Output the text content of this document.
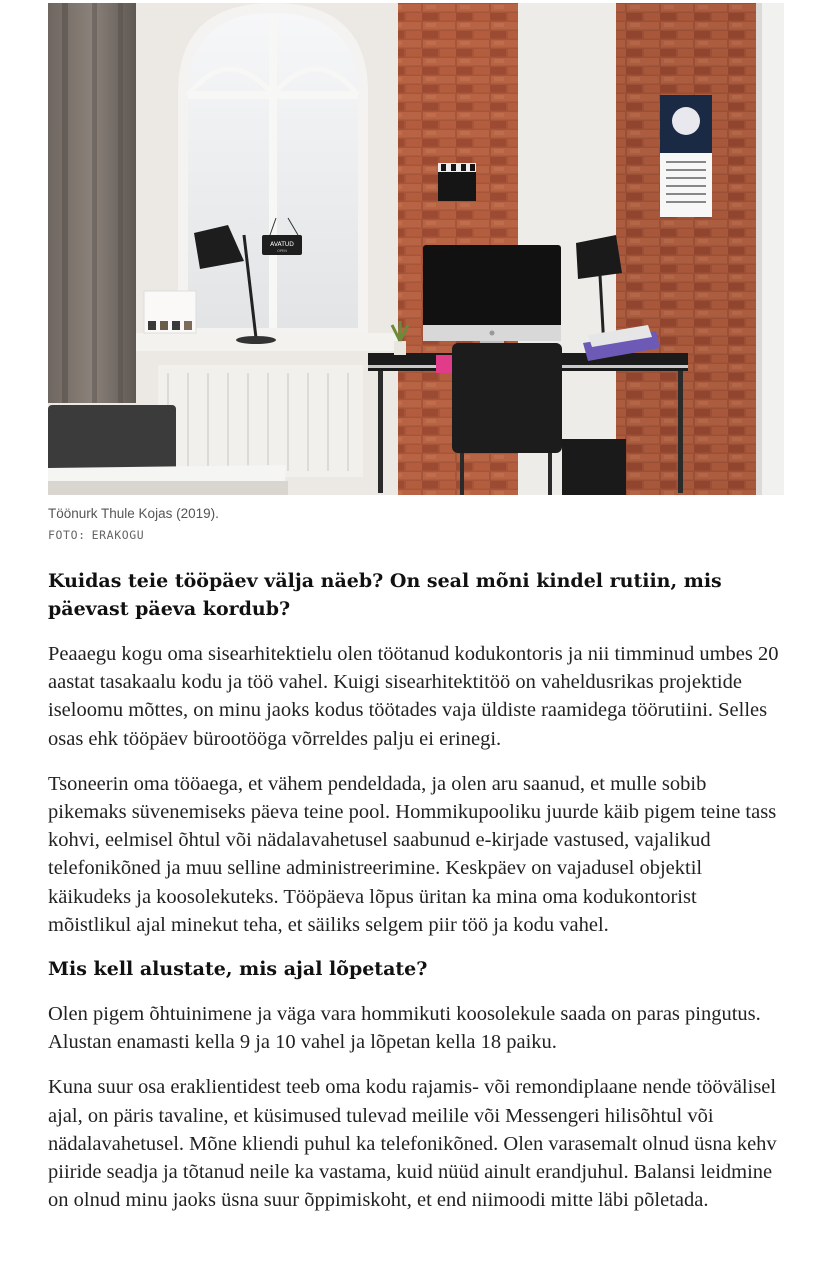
AVATUD
OPEN
Töönurk Thule Kojas (2019).
FOTO: ERAKOGU
Kuidas teie tööpäev välja näeb? On seal mõni kindel rutiin, mis päevast päeva kordub?

Peaaegu kogu oma sisearhitektielu olen töötanud kodukontoris ja nii timminud umbes 20 aastat tasakaalu kodu ja töö vahel. Kuigi sisearhitektitöö on vaheldusrikas projektide iseloomu mõttes, on minu jaoks kodus töötades vaja üldiste raamidega töörutiini. Selles osas ehk tööpäev bürootööga võrreldes palju ei erinegi.

Tsoneerin oma tööaega, et vähem pendeldada, ja olen aru saanud, et mulle sobib pikemaks süvenemiseks päeva teine pool. Hommikupooliku juurde käib pigem teine tass kohvi, eelmisel õhtul või nädalavahetusel saabunud e-kirjade vastused, vajalikud telefonikõned ja muu selline administreerimine. Keskpäev on vajadusel objektil käikudeks ja koosolekuteks. Tööpäeva lõpus üritan ka mina oma kodukontorist mõistlikul ajal minekut teha, et säiliks selgem piir töö ja kodu vahel.

Mis kell alustate, mis ajal lõpetate?

Olen pigem õhtuinimene ja väga vara hommikuti koosolekule saada on paras pingutus. Alustan enamasti kella 9 ja 10 vahel ja lõpetan kella 18 paiku.

Kuna suur osa eraklientidest teeb oma kodu rajamis- või remondiplaane nende töövälisel ajal, on päris tavaline, et küsimused tulevad meilile või Messengeri hilisõhtul või nädalavahetusel. Mõne kliendi puhul ka telefonikõned. Olen varasemalt olnud üsna kehv piiride seadja ja tõtanud neile ka vastama, kuid nüüd ainult erandjuhul. Balansi leidmine on olnud minu jaoks üsna suur õppimiskoht, et end niimoodi mitte läbi põletada.
